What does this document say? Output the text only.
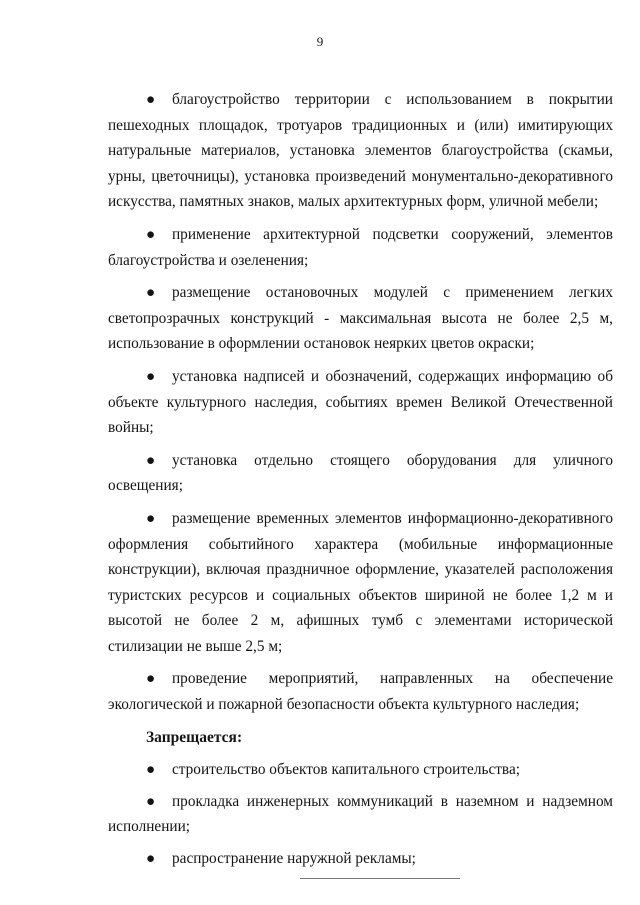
9

● благоустройство территории с использованием в покрытии пешеходных площадок, тротуаров традиционных и (или) имитирующих натуральные материалов, установка элементов благоустройства (скамьи, урны, цветочницы), установка произведений монументально-декоративного искусства, памятных знаков, малых архитектурных форм, уличной мебели;

● применение архитектурной подсветки сооружений, элементов благоустройства и озеленения;

● размещение остановочных модулей с применением легких светопрозрачных конструкций - максимальная высота не более 2,5 м, использование в оформлении остановок неярких цветов окраски;

● установка надписей и обозначений, содержащих информацию об объекте культурного наследия, событиях времен Великой Отечественной войны;

● установка отдельно стоящего оборудования для уличного освещения;

● размещение временных элементов информационно-декоративного оформления событийного характера (мобильные информационные конструкции), включая праздничное оформление, указателей расположения туристских ресурсов и социальных объектов шириной не более 1,2 м и высотой не более 2 м, афишных тумб с элементами исторической стилизации не выше 2,5 м;

● проведение мероприятий, направленных на обеспечение экологической и пожарной безопасности объекта культурного наследия;

Запрещается:

● строительство объектов капитального строительства;

● прокладка инженерных коммуникаций в наземном и надземном исполнении;

● распространение наружной рекламы;
